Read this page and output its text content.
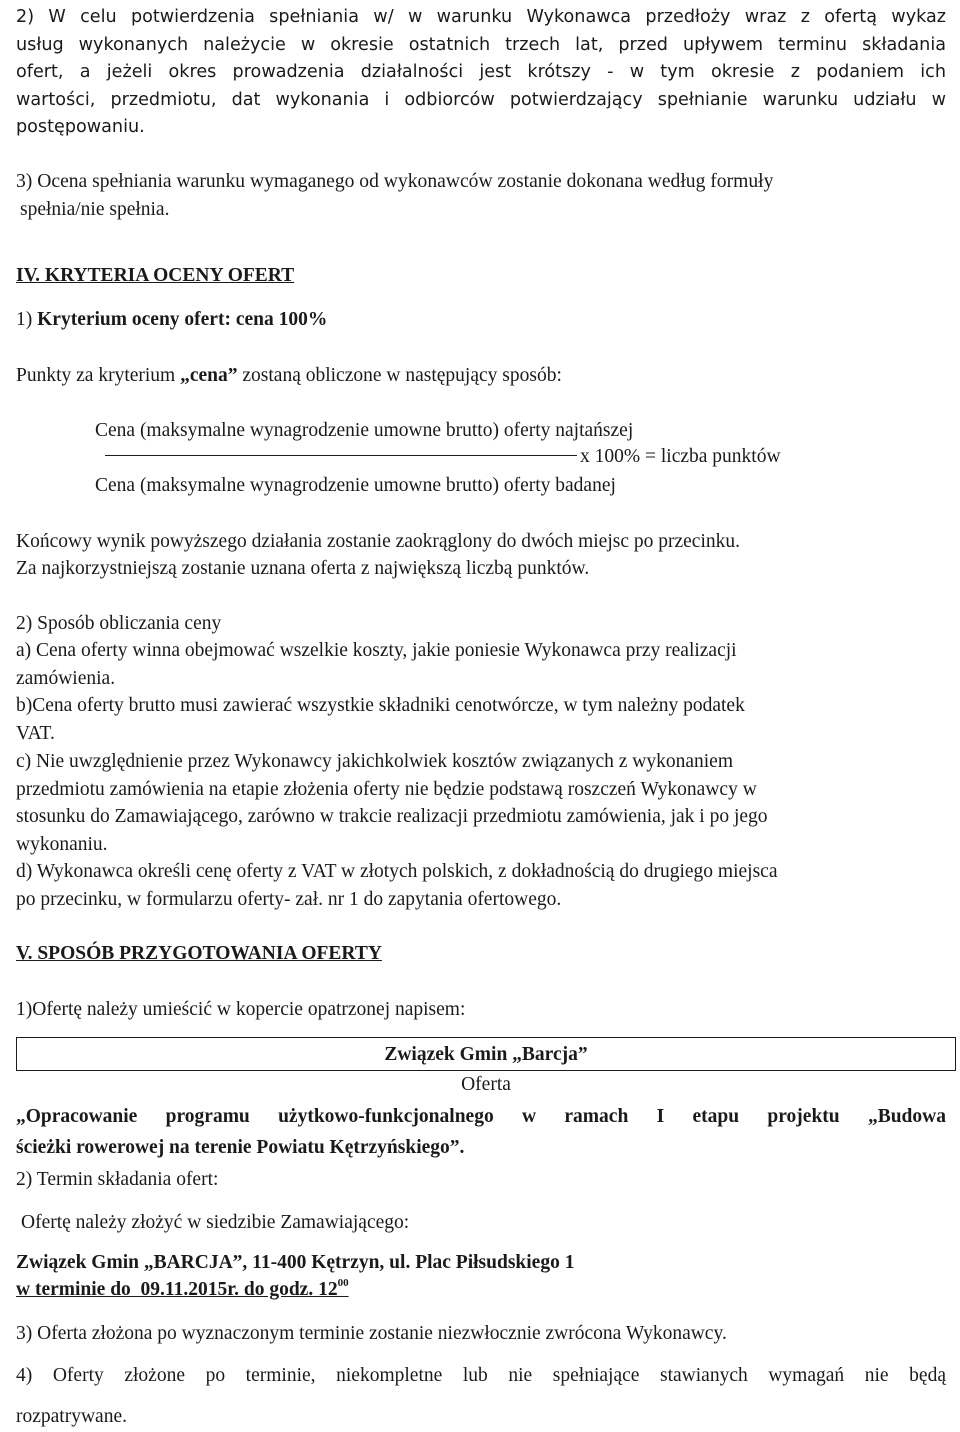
2) W celu potwierdzenia spełniania w/ w warunku Wykonawca przedłoży wraz z ofertą wykaz
usług wykonanych należycie w okresie ostatnich trzech lat, przed upływem terminu składania
ofert, a jeżeli okres prowadzenia działalności jest krótszy - w tym okresie z podaniem ich
wartości, przedmiotu, dat wykonania i odbiorców potwierdzający spełnianie warunku udziału w
postępowaniu.
3) Ocena spełniania warunku wymaganego od wykonawców zostanie dokonana według formuły
spełnia/nie spełnia.
IV. KRYTERIA OCENY OFERT
1) Kryterium oceny ofert: cena 100%
Punkty za kryterium „cena” zostaną obliczone w następujący sposób:
Cena (maksymalne wynagrodzenie umowne brutto) oferty najtańszej
x 100% = liczba punktów
Cena (maksymalne wynagrodzenie umowne brutto) oferty badanej
Końcowy wynik powyższego działania zostanie zaokrąglony do dwóch miejsc po przecinku.
Za najkorzystniejszą zostanie uznana oferta z największą liczbą punktów.
2) Sposób obliczania ceny
a) Cena oferty winna obejmować wszelkie koszty, jakie poniesie Wykonawca przy realizacji
zamówienia.
b)Cena oferty brutto musi zawierać wszystkie składniki cenotwórcze, w tym należny podatek
VAT.
c) Nie uwzględnienie przez Wykonawcy jakichkolwiek kosztów związanych z wykonaniem
przedmiotu zamówienia na etapie złożenia oferty nie będzie podstawą roszczeń Wykonawcy w
stosunku do Zamawiającego, zarówno w trakcie realizacji przedmiotu zamówienia, jak i po jego
wykonaniu.
d) Wykonawca określi cenę oferty z VAT w złotych polskich, z dokładnością do drugiego miejsca
po przecinku, w formularzu oferty- zał. nr 1 do zapytania ofertowego.
V. SPOSÓB PRZYGOTOWANIA OFERTY
1)Ofertę należy umieścić w kopercie opatrzonej napisem:
Związek Gmin „Barcja”
Oferta
„Opracowanie programu użytkowo-funkcjonalnego w ramach I etapu projektu „Budowa
ścieżki rowerowej na terenie Powiatu Kętrzyńskiego”.
2) Termin składania ofert:
Ofertę należy złożyć w siedzibie Zamawiającego:
Związek Gmin „BARCJA”, 11-400 Kętrzyn, ul. Plac Piłsudskiego 1
w terminie do  09.11.2015r. do godz. $12^{00}$
3) Oferta złożona po wyznaczonym terminie zostanie niezwłocznie zwrócona Wykonawcy.
4) Oferty złożone po terminie, niekompletne lub nie spełniające stawianych wymagań nie będą
rozpatrywane.
